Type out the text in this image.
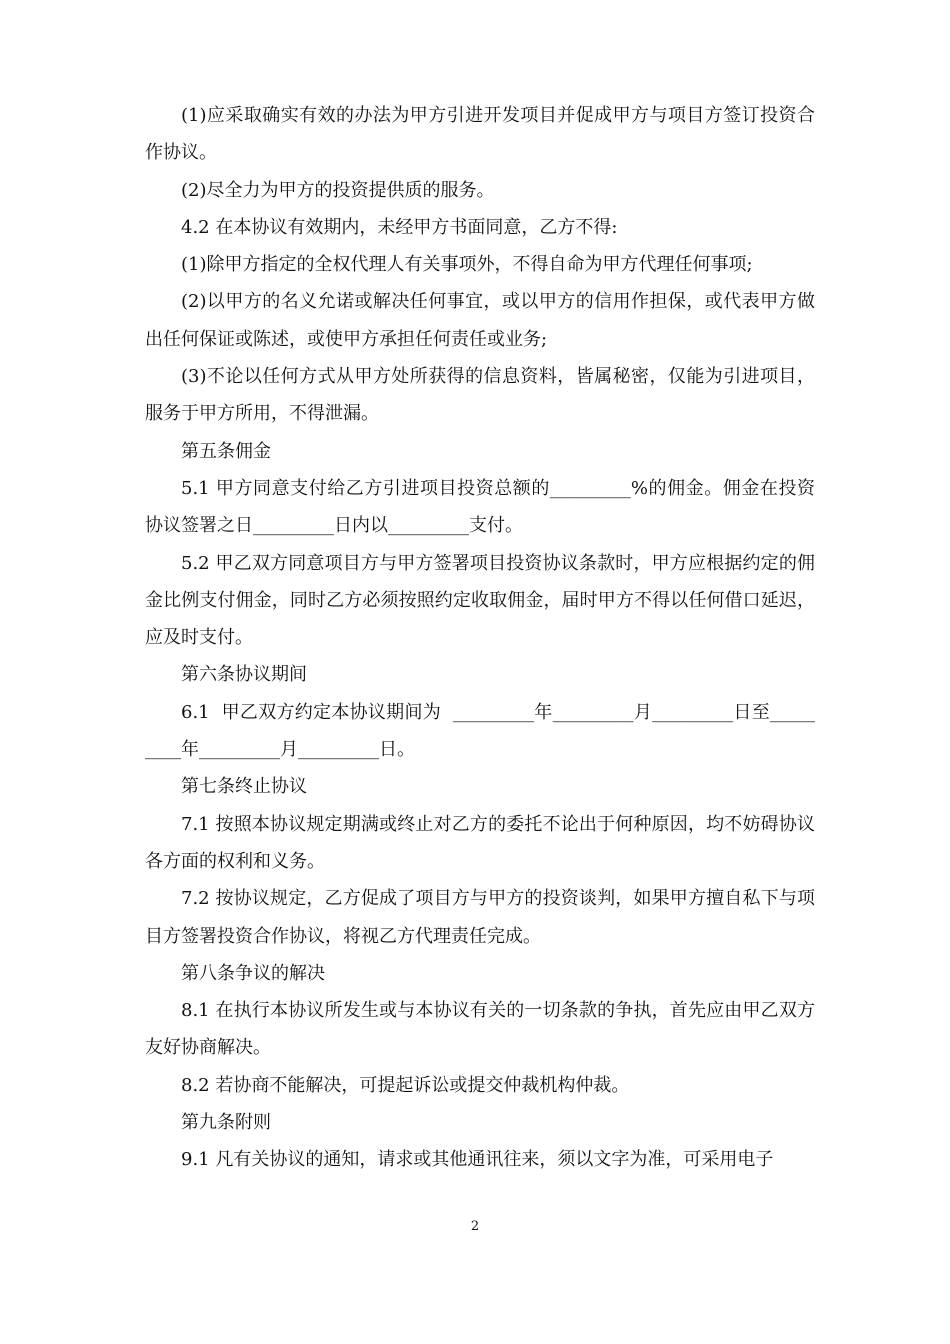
(1)应采取确实有效的办法为甲方引进开发项目并促成甲方与项目方签订投资合作协议。

(2)尽全力为甲方的投资提供质的服务。

4.2 在本协议有效期内，未经甲方书面同意，乙方不得:

(1)除甲方指定的全权代理人有关事项外，不得自命为甲方代理任何事项;

(2)以甲方的名义允诺或解决任何事宜，或以甲方的信用作担保，或代表甲方做出任何保证或陈述，或使甲方承担任何责任或业务;

(3)不论以任何方式从甲方处所获得的信息资料，皆属秘密，仅能为引进项目，服务于甲方所用，不得泄漏。

第五条佣金

5.1 甲方同意支付给乙方引进项目投资总额的_________%的佣金。佣金在投资协议签署之日_________日内以_________支付。

5.2 甲乙双方同意项目方与甲方签署项目投资协议条款时，甲方应根据约定的佣金比例支付佣金，同时乙方必须按照约定收取佣金，届时甲方不得以任何借口延迟，应及时支付。

第六条协议期间

6.1  甲乙双方约定本协议期间为  _________年_________月_________日至_________年_________月_________日。

第七条终止协议

7.1 按照本协议规定期满或终止对乙方的委托不论出于何种原因，均不妨碍协议各方面的权利和义务。

7.2 按协议规定，乙方促成了项目方与甲方的投资谈判，如果甲方擅自私下与项目方签署投资合作协议，将视乙方代理责任完成。

第八条争议的解决

8.1 在执行本协议所发生或与本协议有关的一切条款的争执，首先应由甲乙双方友好协商解决。

8.2 若协商不能解决，可提起诉讼或提交仲裁机构仲裁。

第九条附则

9.1 凡有关协议的通知，请求或其他通讯往来，须以文字为准，可采用电子

2
